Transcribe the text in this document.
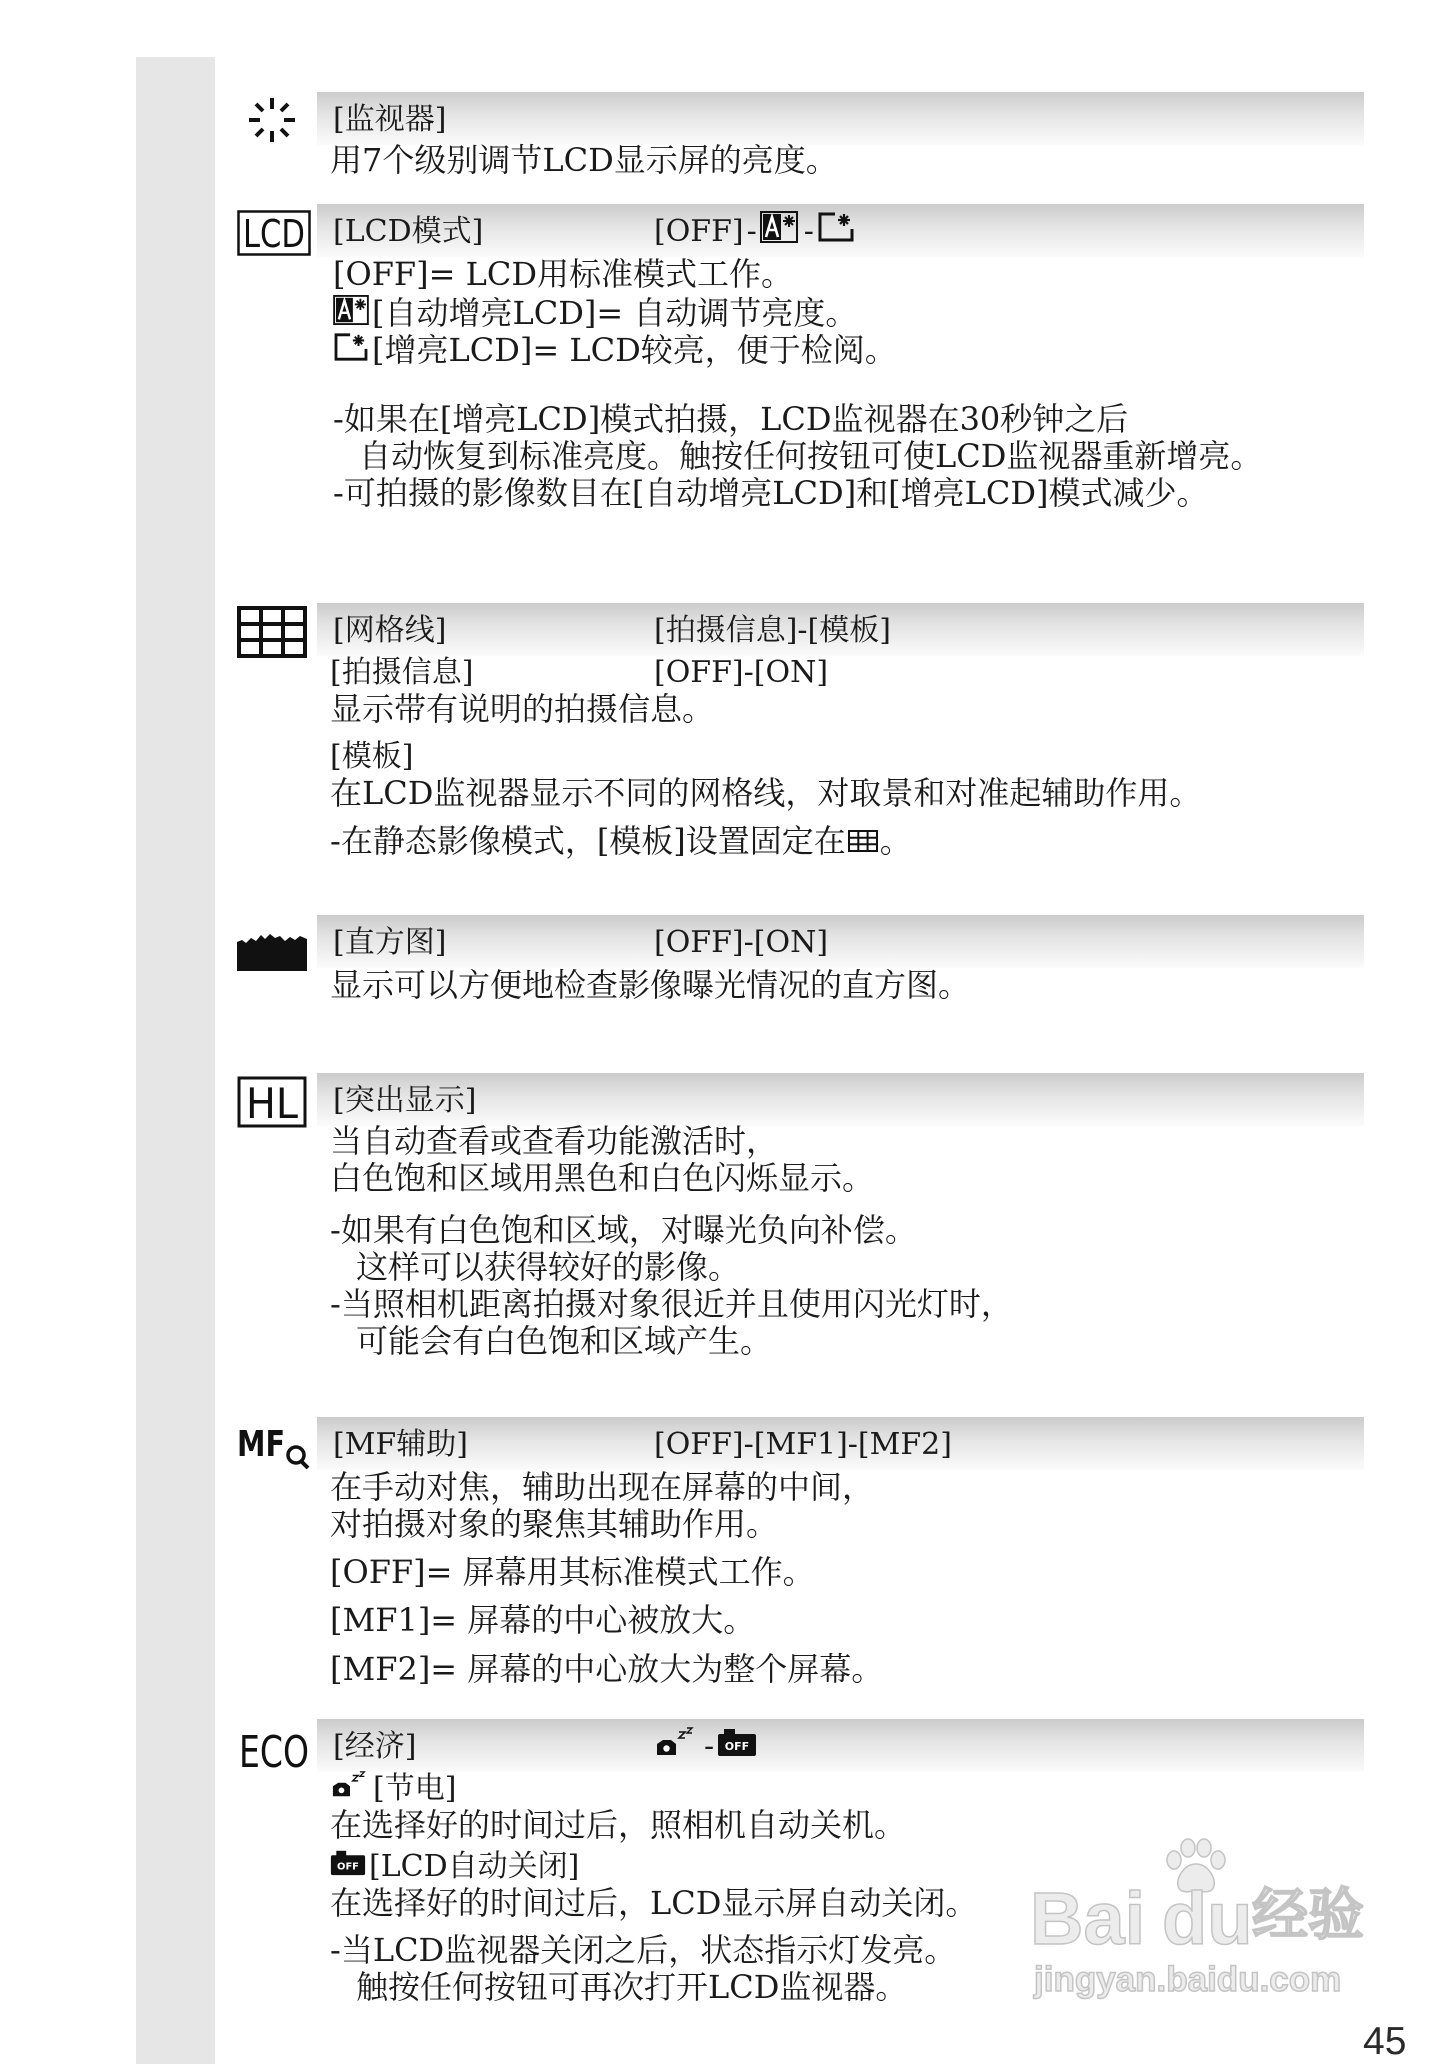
[监视器]
用7个级别调节LCD显示屏的亮度。
LCD [LCD模式]	[OFF] - -
[OFF]= LCD用标准模式工作。
[自动增亮LCD]= 自动调节亮度。
[增亮LCD]= LCD较亮，便于检阅。
-如果在[增亮LCD]模式拍摄，LCD监视器在30秒钟之后
自动恢复到标准亮度。触按任何按钮可使LCD监视器重新增亮。
-可拍摄的影像数目在[自动增亮LCD]和[增亮LCD]模式减少。
[网格线]	[拍摄信息]-[模板]
[拍摄信息]	[OFF]-[ON]
显示带有说明的拍摄信息。
[模板]
在LCD监视器显示不同的网格线，对取景和对准起辅助作用。
-在静态影像模式，[模板]设置固定在 。
[直方图]	[OFF]-[ON]
显示可以方便地检查影像曝光情况的直方图。
HL [突出显示]
当自动查看或查看功能激活时，
白色饱和区域用黑色和白色闪烁显示。
-如果有白色饱和区域，对曝光负向补偿。
这样可以获得较好的影像。
-当照相机距离拍摄对象很近并且使用闪光灯时，
可能会有白色饱和区域产生。
MF [MF辅助]	[OFF]-[MF1]-[MF2]
在手动对焦，辅助出现在屏幕的中间，
对拍摄对象的聚焦其辅助作用。
[OFF]= 屏幕用其标准模式工作。
[MF1]= 屏幕的中心被放大。
[MF2]= 屏幕的中心放大为整个屏幕。
ECO [经济]	- OFF
[节电]
在选择好的时间过后，照相机自动关机。
OFF [LCD自动关闭]
在选择好的时间过后，LCD显示屏自动关闭。
-当LCD监视器关闭之后，状态指示灯发亮。
触按任何按钮可再次打开LCD监视器。
Bai du 经验
jingyan.baidu.com
45
